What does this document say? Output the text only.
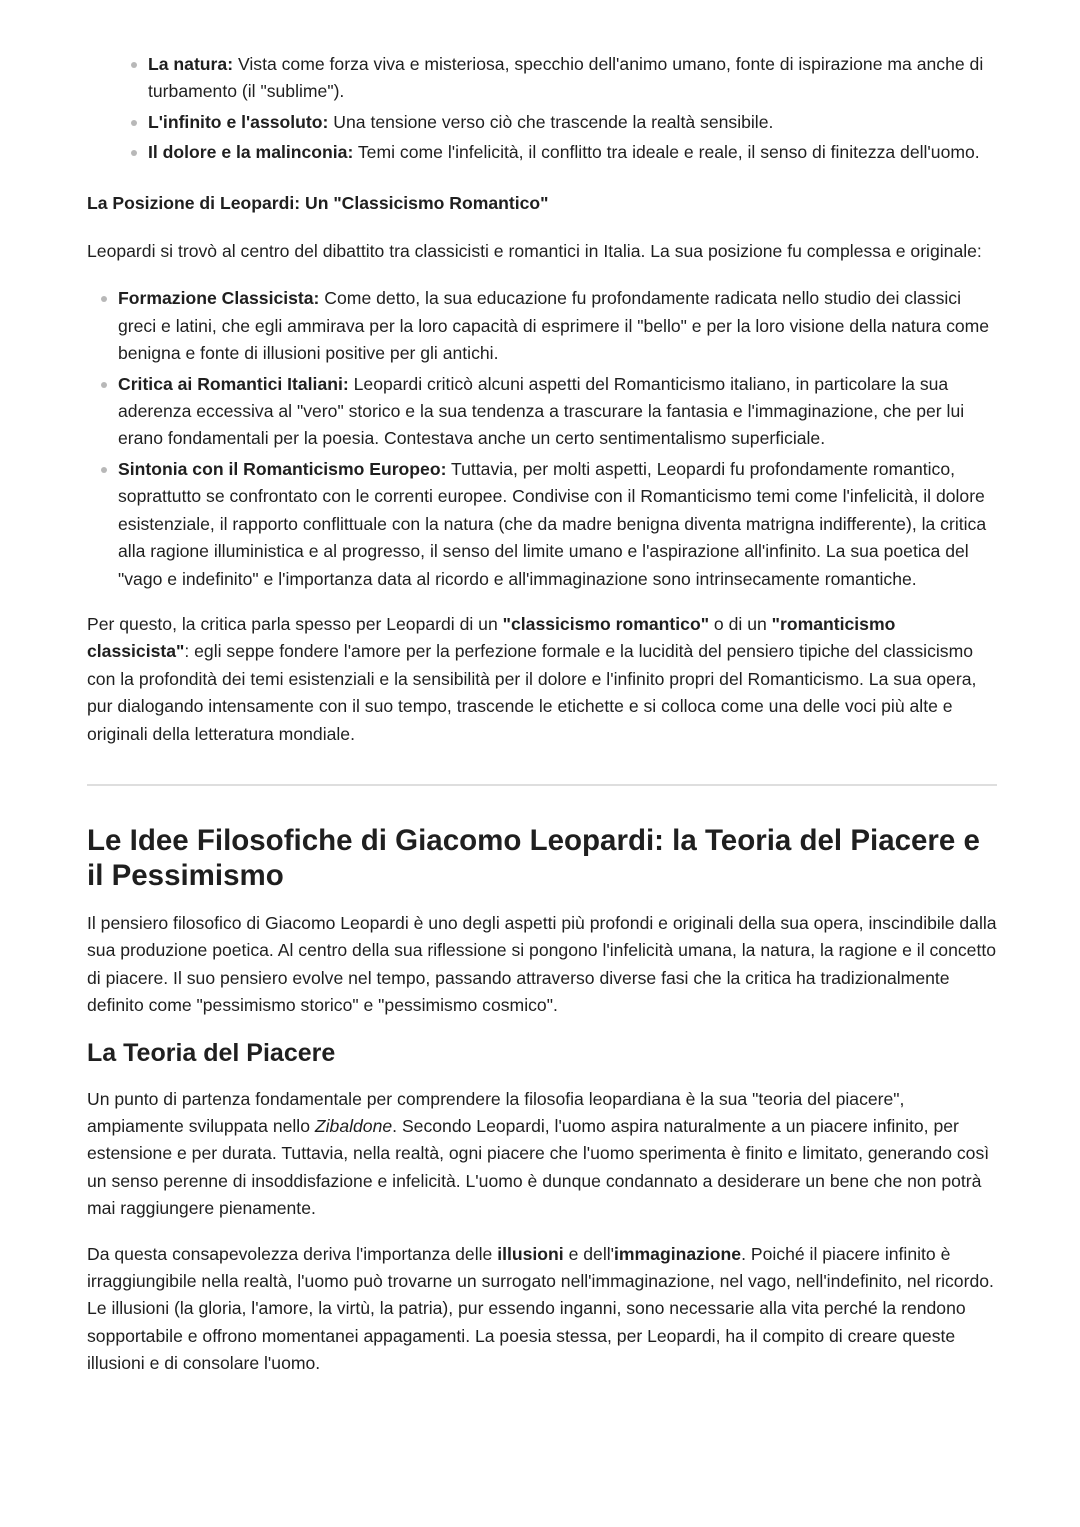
La natura: Vista come forza viva e misteriosa, specchio dell'animo umano, fonte di ispirazione ma anche di turbamento (il "sublime").
L'infinito e l'assoluto: Una tensione verso ciò che trascende la realtà sensibile.
Il dolore e la malinconia: Temi come l'infelicità, il conflitto tra ideale e reale, il senso di finitezza dell'uomo.

La Posizione di Leopardi: Un "Classicismo Romantico"

Leopardi si trovò al centro del dibattito tra classicisti e romantici in Italia. La sua posizione fu complessa e originale:

Formazione Classicista: Come detto, la sua educazione fu profondamente radicata nello studio dei classici greci e latini, che egli ammirava per la loro capacità di esprimere il "bello" e per la loro visione della natura come benigna e fonte di illusioni positive per gli antichi.
Critica ai Romantici Italiani: Leopardi criticò alcuni aspetti del Romanticismo italiano, in particolare la sua aderenza eccessiva al "vero" storico e la sua tendenza a trascurare la fantasia e l'immaginazione, che per lui erano fondamentali per la poesia. Contestava anche un certo sentimentalismo superficiale.
Sintonia con il Romanticismo Europeo: Tuttavia, per molti aspetti, Leopardi fu profondamente romantico, soprattutto se confrontato con le correnti europee. Condivise con il Romanticismo temi come l'infelicità, il dolore esistenziale, il rapporto conflittuale con la natura (che da madre benigna diventa matrigna indifferente), la critica alla ragione illuministica e al progresso, il senso del limite umano e l'aspirazione all'infinito. La sua poetica del "vago e indefinito" e l'importanza data al ricordo e all'immaginazione sono intrinsecamente romantiche.

Per questo, la critica parla spesso per Leopardi di un "classicismo romantico" o di un "romanticismo classicista": egli seppe fondere l'amore per la perfezione formale e la lucidità del pensiero tipiche del classicismo con la profondità dei temi esistenziali e la sensibilità per il dolore e l'infinito propri del Romanticismo. La sua opera, pur dialogando intensamente con il suo tempo, trascende le etichette e si colloca come una delle voci più alte e originali della letteratura mondiale.

Le Idee Filosofiche di Giacomo Leopardi: la Teoria del Piacere e il Pessimismo

Il pensiero filosofico di Giacomo Leopardi è uno degli aspetti più profondi e originali della sua opera, inscindibile dalla sua produzione poetica. Al centro della sua riflessione si pongono l'infelicità umana, la natura, la ragione e il concetto di piacere. Il suo pensiero evolve nel tempo, passando attraverso diverse fasi che la critica ha tradizionalmente definito come "pessimismo storico" e "pessimismo cosmico".

La Teoria del Piacere

Un punto di partenza fondamentale per comprendere la filosofia leopardiana è la sua "teoria del piacere", ampiamente sviluppata nello Zibaldone. Secondo Leopardi, l'uomo aspira naturalmente a un piacere infinito, per estensione e per durata. Tuttavia, nella realtà, ogni piacere che l'uomo sperimenta è finito e limitato, generando così un senso perenne di insoddisfazione e infelicità. L'uomo è dunque condannato a desiderare un bene che non potrà mai raggiungere pienamente.

Da questa consapevolezza deriva l'importanza delle illusioni e dell'immaginazione. Poiché il piacere infinito è irraggiungibile nella realtà, l'uomo può trovarne un surrogato nell'immaginazione, nel vago, nell'indefinito, nel ricordo. Le illusioni (la gloria, l'amore, la virtù, la patria), pur essendo inganni, sono necessarie alla vita perché la rendono sopportabile e offrono momentanei appagamenti. La poesia stessa, per Leopardi, ha il compito di creare queste illusioni e di consolare l'uomo.
